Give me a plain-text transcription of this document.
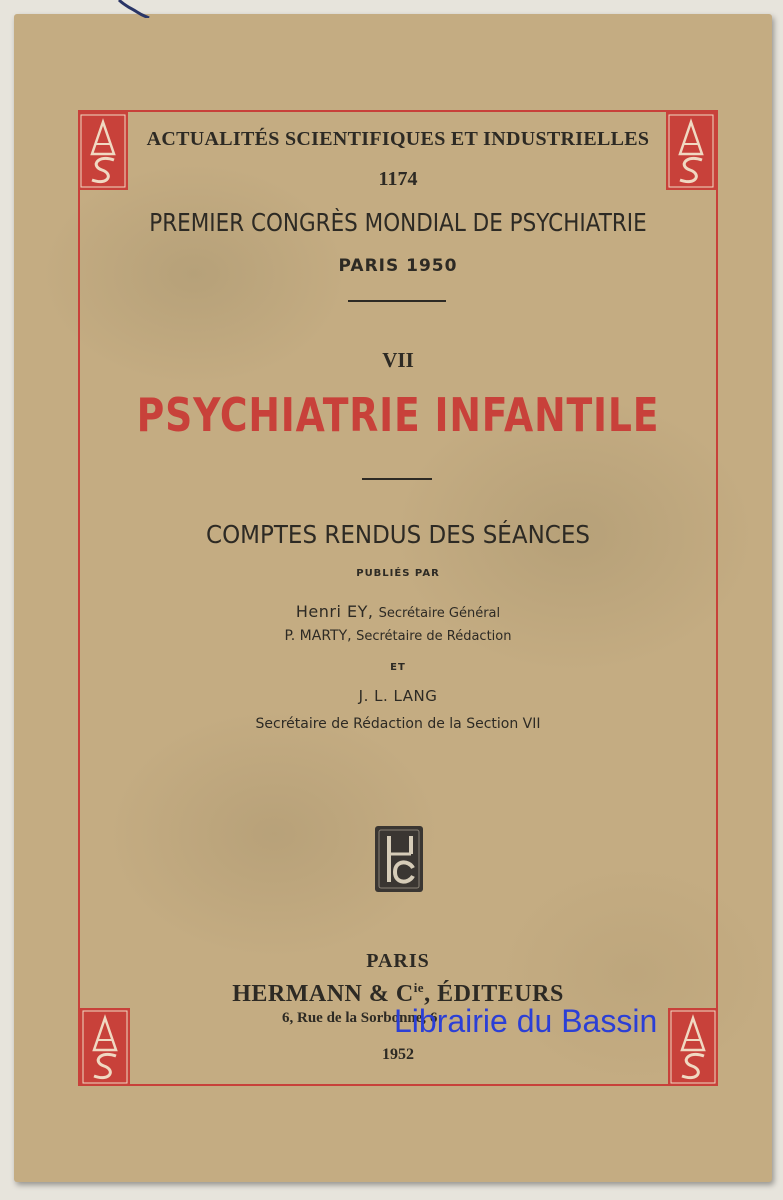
ACTUALITÉS SCIENTIFIQUES ET INDUSTRIELLES
1174
PREMIER CONGRÈS MONDIAL DE PSYCHIATRIE
PARIS 1950
VII
PSYCHIATRIE INFANTILE
COMPTES RENDUS DES SÉANCES
PUBLIÉS PAR
Henri EY, Secrétaire Général
P. MARTY, Secrétaire de Rédaction
ET
J. L. LANG
Secrétaire de Rédaction de la Section VII
PARIS
HERMANN & $C^{ie}$, ÉDITEURS
6, Rue de la Sorbonne, 6
1952
Librairie du Bassin
